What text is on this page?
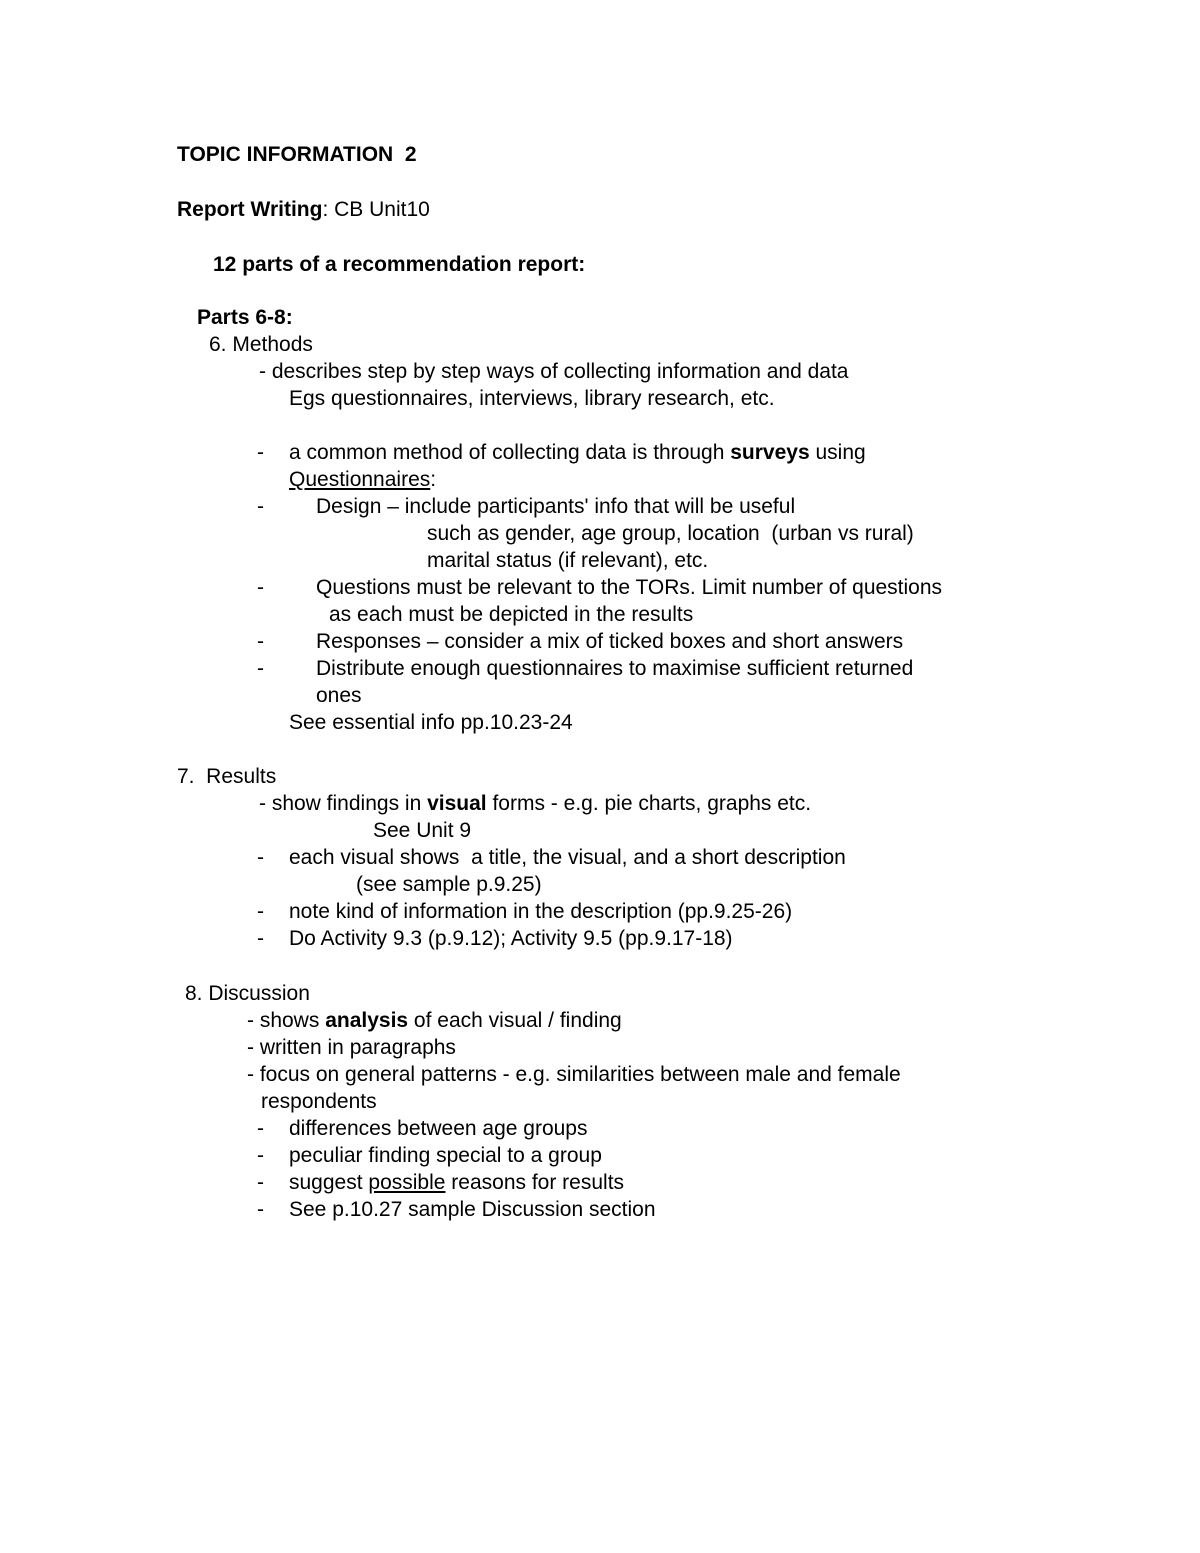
TOPIC INFORMATION  2
Report Writing: CB Unit10
12 parts of a recommendation report:
Parts 6-8:
6. Methods
- describes step by step ways of collecting information and data
Egs questionnaires, interviews, library research, etc.
- a common method of collecting data is through surveys using
Questionnaires:
- Design – include participants' info that will be useful
such as gender, age group, location  (urban vs rural)
marital status (if relevant), etc.
- Questions must be relevant to the TORs. Limit number of questions
as each must be depicted in the results
- Responses – consider a mix of ticked boxes and short answers
- Distribute enough questionnaires to maximise sufficient returned
ones
See essential info pp.10.23-24
7.  Results
- show findings in visual forms - e.g. pie charts, graphs etc.
See Unit 9
- each visual shows  a title, the visual, and a short description
(see sample p.9.25)
- note kind of information in the description (pp.9.25-26)
- Do Activity 9.3 (p.9.12); Activity 9.5 (pp.9.17-18)
8. Discussion
- shows analysis of each visual / finding
- written in paragraphs
- focus on general patterns - e.g. similarities between male and female
respondents
- differences between age groups
- peculiar finding special to a group
- suggest possible reasons for results
- See p.10.27 sample Discussion section
